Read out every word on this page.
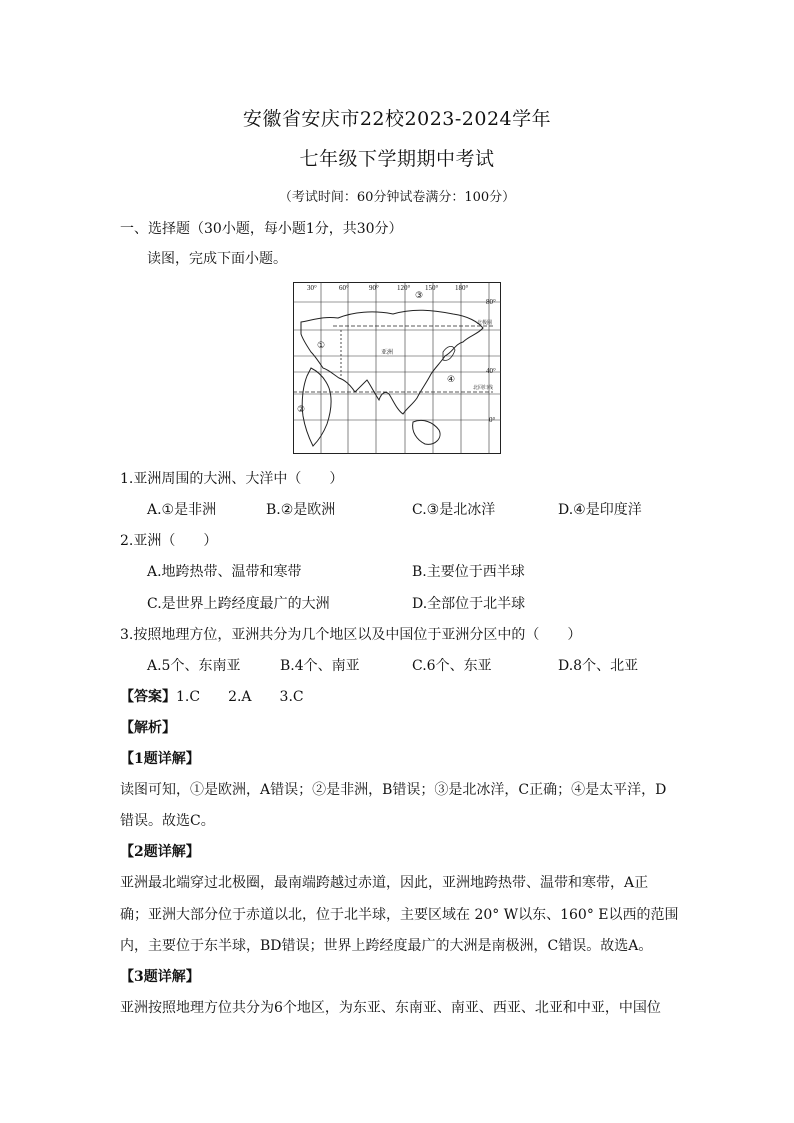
安徽省安庆市22校2023-2024学年
七年级下学期期中考试
（考试时间：60分钟试卷满分：100分）
一、选择题（30小题，每小题1分，共30分）
读图，完成下面小题。
30°	60°	90°	120° 150° 180°
80°
40°
0°
①
②
③
④
亚洲
北极圈
北回归线
1.亚洲周围的大洲、大洋中（　　）
A.①是非洲	B.②是欧洲	C.③是北冰洋	D.④是印度洋
2.亚洲（　　）
A.地跨热带、温带和寒带	B.主要位于西半球
C.是世界上跨经度最广的大洲	D.全部位于北半球
3.按照地理方位，亚洲共分为几个地区以及中国位于亚洲分区中的（　　）
A.5个、东南亚	B.4个、南亚	C.6个、东亚	D.8个、北亚
【答案】1.C　　2.A　　3.C
【解析】
【1题详解】
读图可知，①是欧洲，A错误；②是非洲，B错误；③是北冰洋，C正确；④是太平洋，D
错误。故选C。
【2题详解】
亚洲最北端穿过北极圈，最南端跨越过赤道，因此，亚洲地跨热带、温带和寒带，A正
确；亚洲大部分位于赤道以北，位于北半球，主要区域在 20° W以东、160° E以西的范围
内，主要位于东半球，BD错误；世界上跨经度最广的大洲是南极洲，C错误。故选A。
【3题详解】
亚洲按照地理方位共分为6个地区，为东亚、东南亚、南亚、西亚、北亚和中亚，中国位
